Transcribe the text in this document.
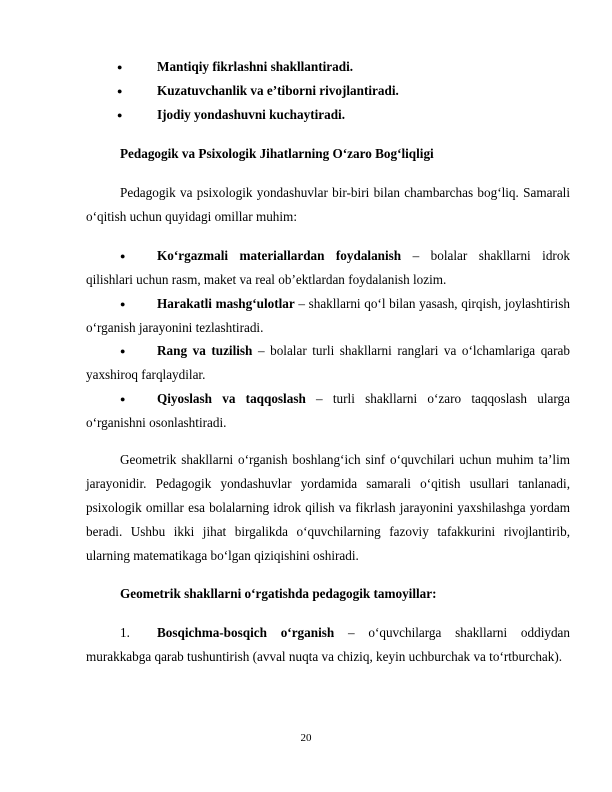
●	Mantiqiy fikrlashni shakllantiradi.
●	Kuzatuvchanlik va e’tiborni rivojlantiradi.
●	Ijodiy yondashuvni kuchaytiradi.
Pedagogik va Psixologik Jihatlarning O‘zaro Bog‘liqligi

Pedagogik va psixologik yondashuvlar bir-biri bilan chambarchas bog‘liq. Samarali o‘qitish uchun quyidagi omillar muhim:

●	Ko‘rgazmali materiallardan foydalanish – bolalar shakllarni idrok qilishlari uchun rasm, maket va real ob’ektlardan foydalanish lozim.

●	Harakatli mashg‘ulotlar – shakllarni qo‘l bilan yasash, qirqish, joylashtirish o‘rganish jarayonini tezlashtiradi.

●	Rang va tuzilish – bolalar turli shakllarni ranglari va o‘lchamlariga qarab yaxshiroq farqlaydilar.

●	Qiyoslash va taqqoslash – turli shakllarni o‘zaro taqqoslash ularga o‘rganishni osonlashtiradi.

Geometrik shakllarni o‘rganish boshlang‘ich sinf o‘quvchilari uchun muhim ta’lim jarayonidir. Pedagogik yondashuvlar yordamida samarali o‘qitish usullari tanlanadi, psixologik omillar esa bolalarning idrok qilish va fikrlash jarayonini yaxshilashga yordam beradi. Ushbu ikki jihat birgalikda o‘quvchilarning fazoviy tafakkurini rivojlantirib, ularning matematikaga bo‘lgan qiziqishini oshiradi.

Geometrik shakllarni o‘rgatishda pedagogik tamoyillar:
1.	Bosqichma-bosqich o‘rganish – o‘quvchilarga shakllarni oddiydan murakkabga qarab tushuntirish (avval nuqta va chiziq, keyin uchburchak va to‘rtburchak).

20
